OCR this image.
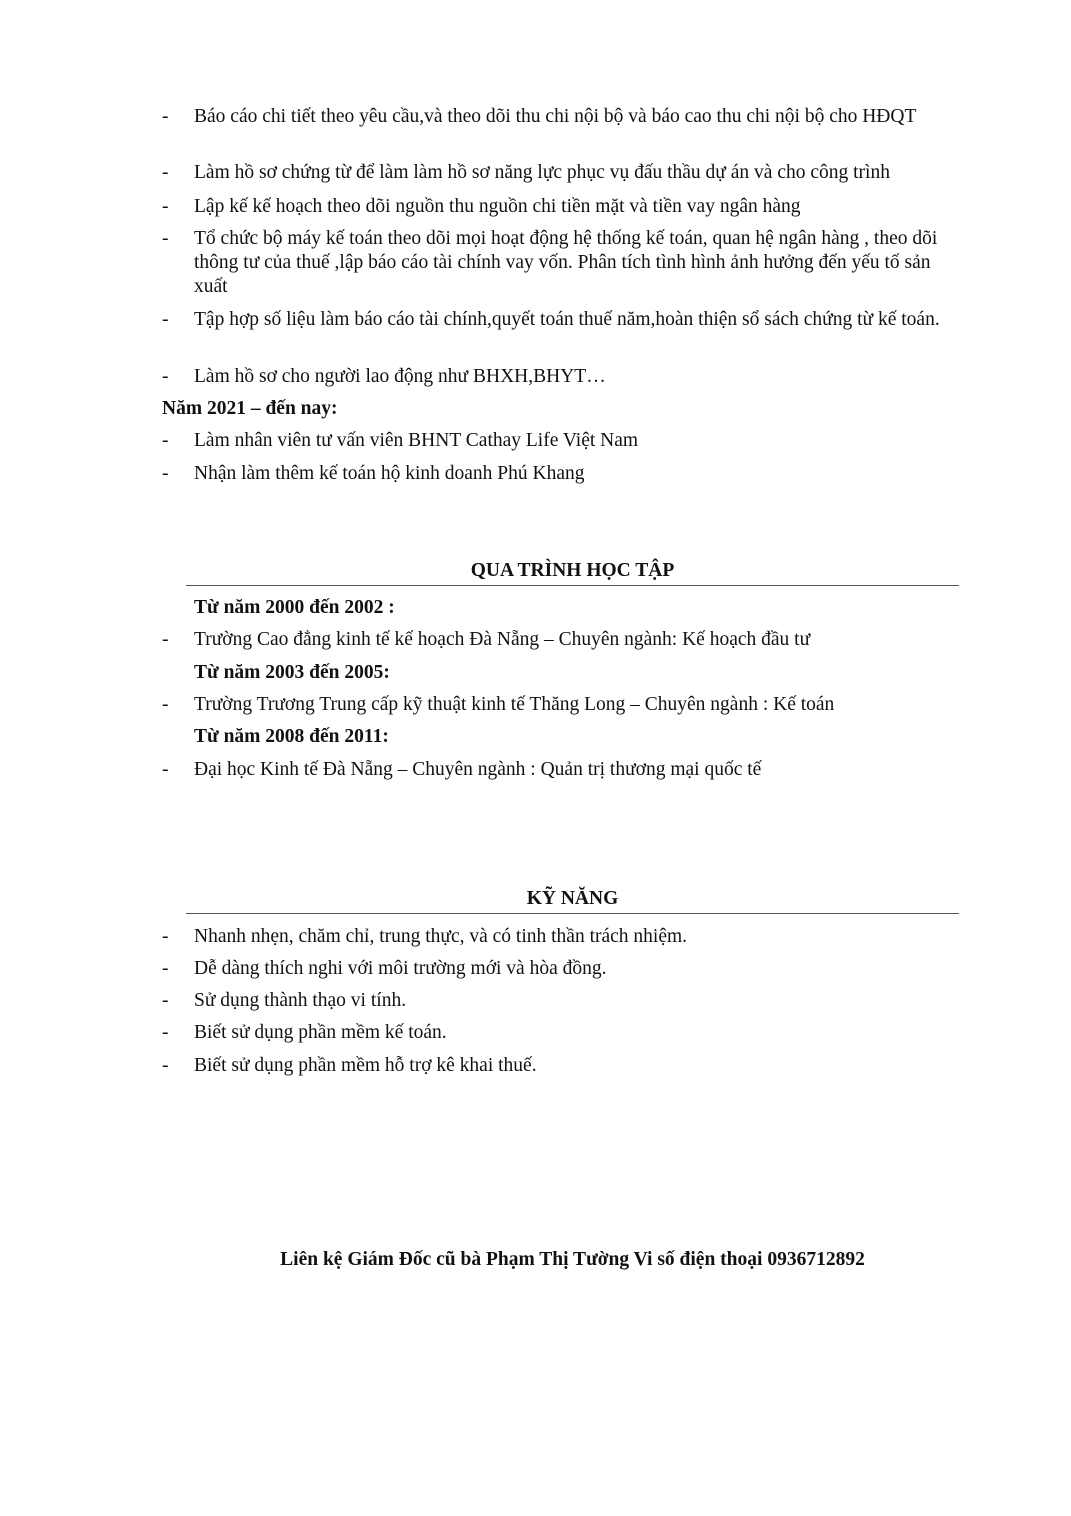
-	Báo cáo chi tiết theo yêu cầu,và theo dõi thu chi nội bộ và báo cao thu chi nội bộ cho HĐQT
-	Làm hồ sơ chứng từ để làm làm hồ sơ năng lực phục vụ đấu thầu dự án và cho công trình
-	Lập kế kế hoạch theo dõi nguồn thu nguồn chi tiền mặt và tiền vay ngân hàng
-	Tổ chức bộ máy kế toán theo dõi mọi hoạt động hệ thống kế toán, quan hệ ngân hàng , theo dõi thông tư của thuế ,lập báo cáo tài chính vay vốn. Phân tích tình hình ảnh hưởng đến yếu tố sản xuất
-	Tập hợp số liệu làm báo cáo tài chính,quyết toán thuế năm,hoàn thiện sổ sách chứng từ kế toán.
-	Làm hồ sơ cho người lao động như BHXH,BHYT…
Năm 2021 – đến nay:
-	Làm nhân viên tư vấn viên BHNT Cathay Life Việt Nam
-	Nhận làm thêm kế toán hộ kinh doanh Phú Khang
QUA TRÌNH HỌC TẬP
Từ năm 2000 đến 2002 :
-	Trường Cao đẳng kinh tế kế hoạch Đà Nẵng – Chuyên ngành: Kế hoạch đầu tư
Từ năm 2003 đến 2005:
-	Trường Trương Trung cấp kỹ thuật kinh tế Thăng Long – Chuyên ngành : Kế toán
Từ năm 2008 đến 2011:
-	Đại học Kinh tế Đà Nẵng – Chuyên ngành : Quản trị thương mại quốc tế
KỸ NĂNG
-	Nhanh nhẹn, chăm chỉ, trung thực, và có tinh thần trách nhiệm.
-	Dễ dàng thích nghi với môi trường mới và hòa đồng.
-	Sử dụng thành thạo vi tính.
-	Biết sử dụng phần mềm kế toán.
-	Biết sử dụng phần mềm hỗ trợ kê khai thuế.
Liên kệ Giám Đốc cũ bà Phạm Thị Tường Vi số điện thoại 0936712892
